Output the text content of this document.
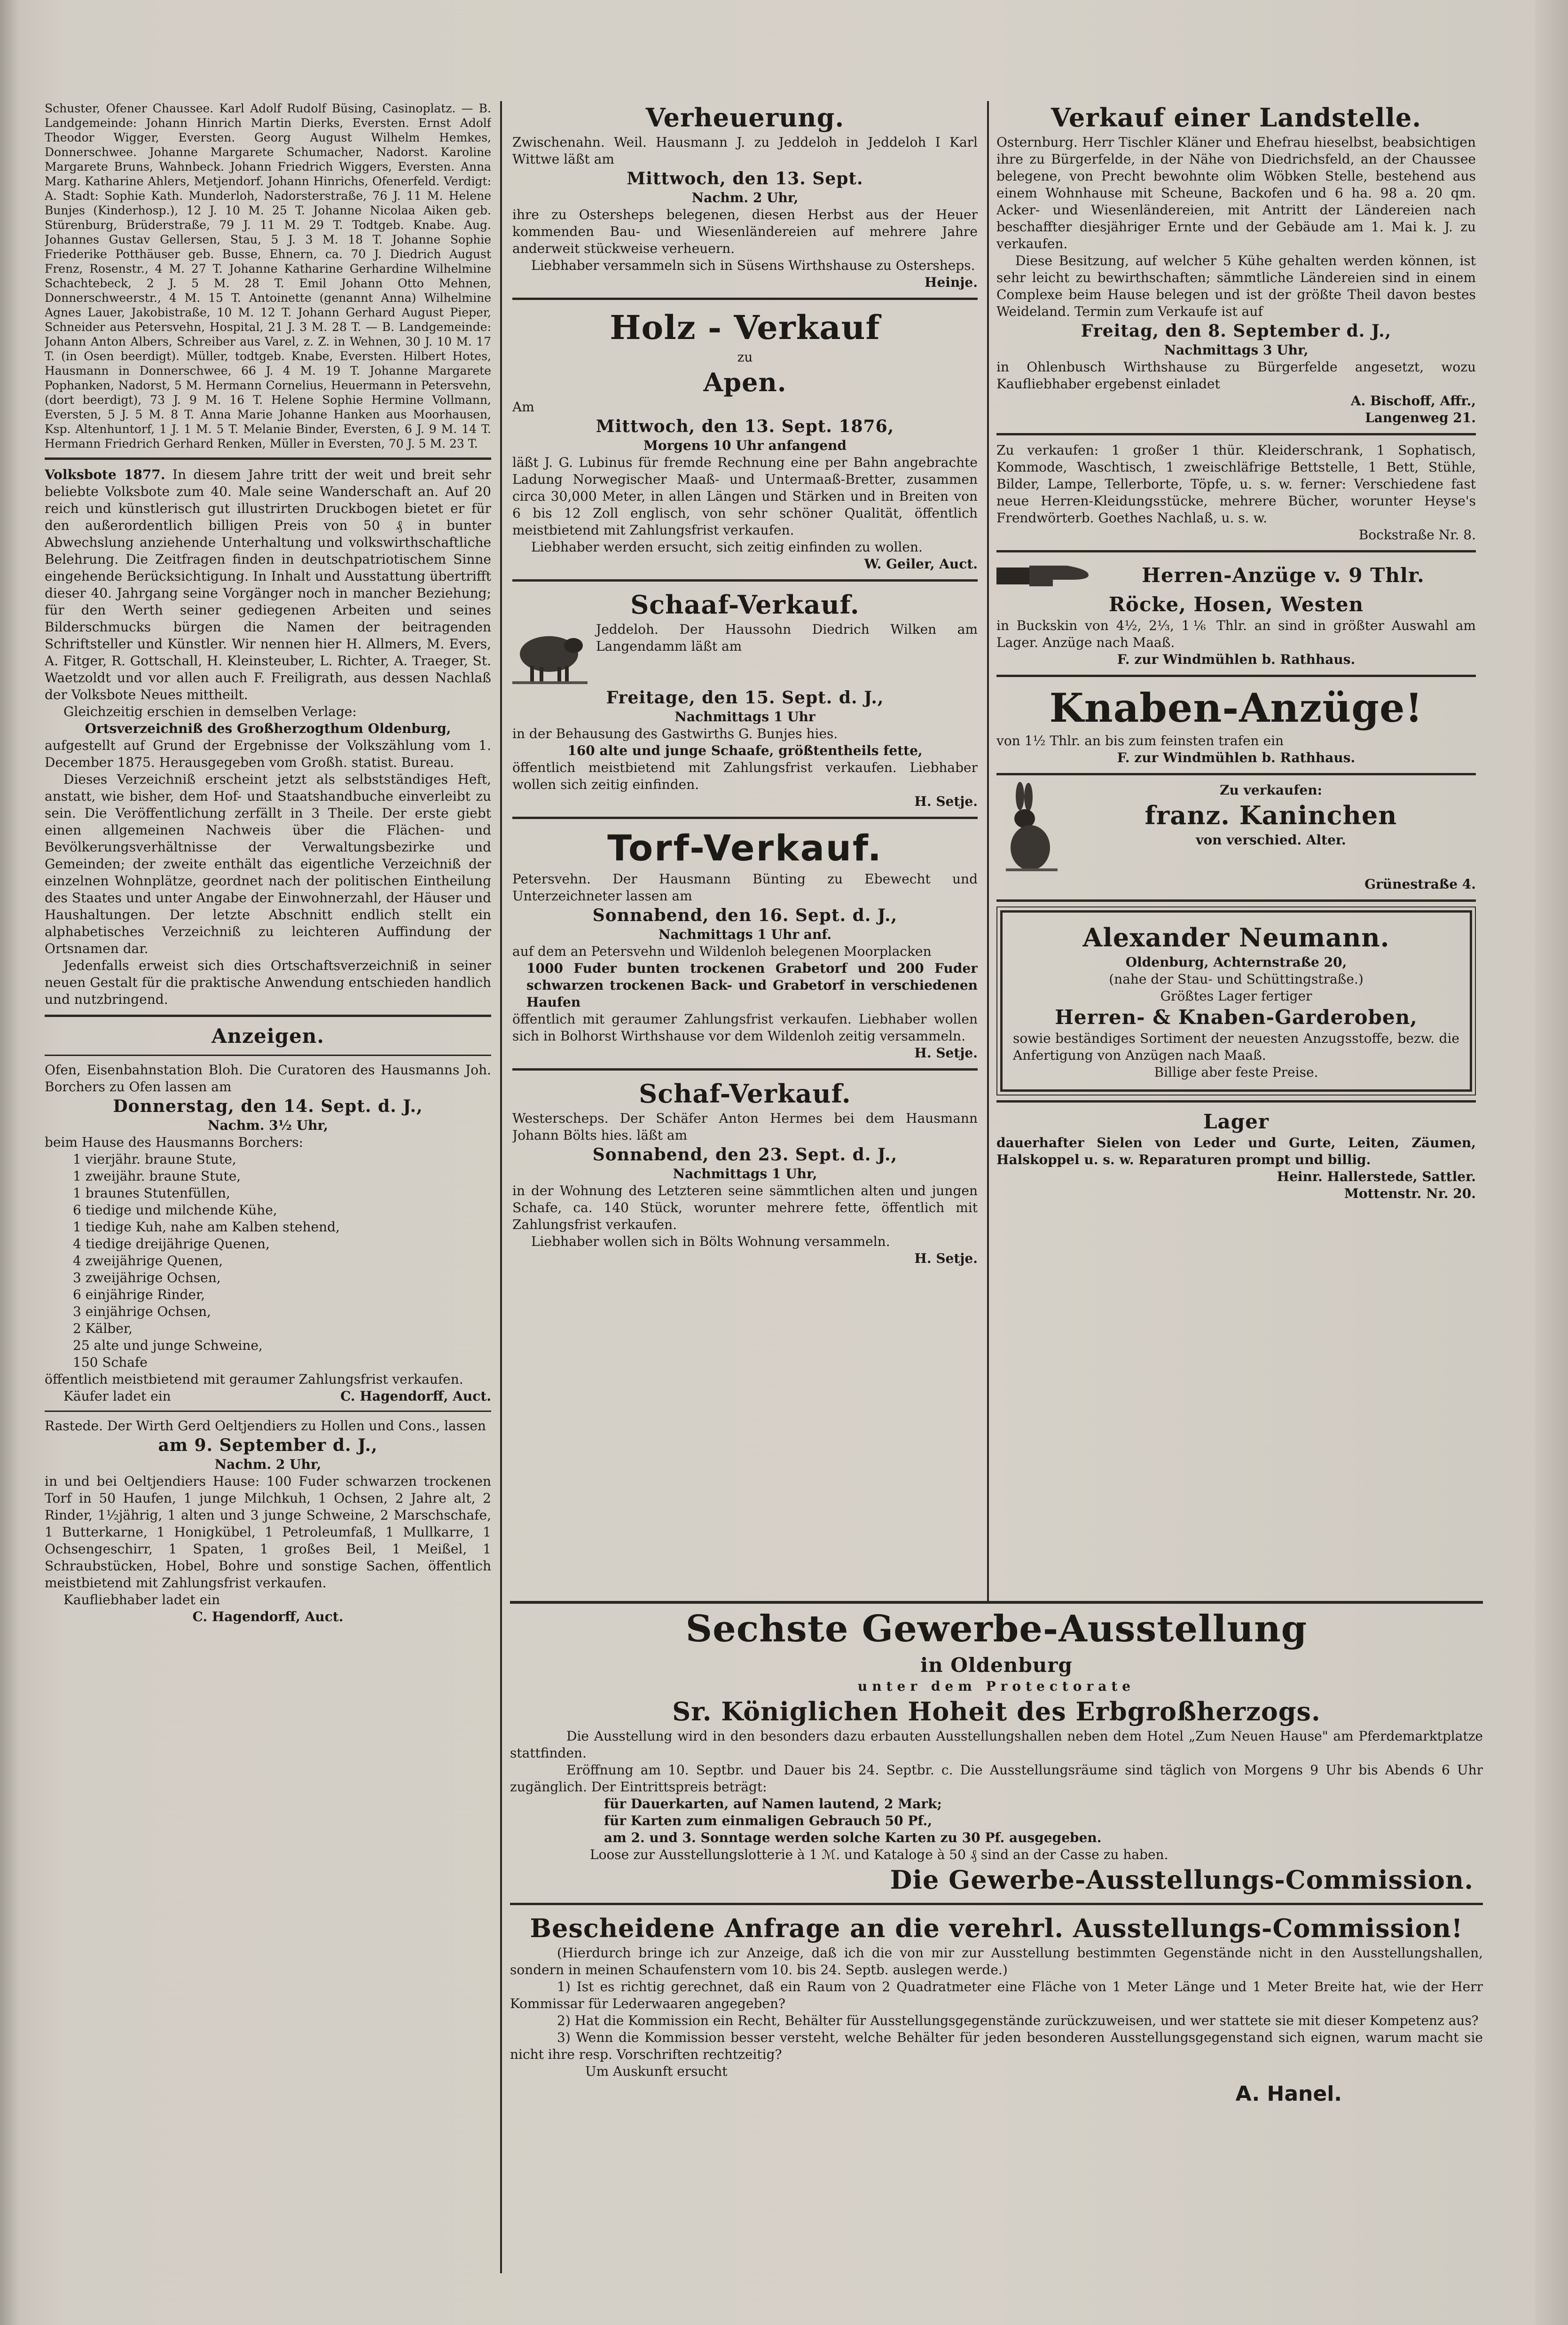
Schuster, Ofener Chaussee. Karl Adolf Rudolf Büsing, Casinoplatz. — B. Landgemeinde: Johann Hinrich Martin Dierks, Eversten. Ernst Adolf Theodor Wigger, Eversten. Georg August Wilhelm Hemkes, Donnerschwee. Johanne Margarete Schumacher, Nadorst. Karoline Margarete Bruns, Wahnbeck. Johann Friedrich Wiggers, Eversten. Anna Marg. Katharine Ahlers, Metjendorf. Johann Hinrichs, Ofenerfeld. Verdigt: A. Stadt: Sophie Kath. Munderloh, Nadorsterstraße, 76 J. 11 M. Helene Bunjes (Kinderhosp.), 12 J. 10 M. 25 T. Johanne Nicolaa Aiken geb. Stürenburg, Brüderstraße, 79 J. 11 M. 29 T. Todtgeb. Knabe. Aug. Johannes Gustav Gellersen, Stau, 5 J. 3 M. 18 T. Johanne Sophie Friederike Potthäuser geb. Busse, Ehnern, ca. 70 J. Diedrich August Frenz, Rosenstr., 4 M. 27 T. Johanne Katharine Gerhardine Wilhelmine Schachtebeck, 2 J. 5 M. 28 T. Emil Johann Otto Mehnen, Donnerschweerstr., 4 M. 15 T. Antoinette (genannt Anna) Wilhelmine Agnes Lauer, Jakobistraße, 10 M. 12 T. Johann Gerhard August Pieper, Schneider aus Petersvehn, Hospital, 21 J. 3 M. 28 T. — B. Landgemeinde: Johann Anton Albers, Schreiber aus Varel, z. Z. in Wehnen, 30 J. 10 M. 17 T. (in Osen beerdigt). Müller, todtgeb. Knabe, Eversten. Hilbert Hotes, Hausmann in Donnerschwee, 66 J. 4 M. 19 T. Johanne Margarete Pophanken, Nadorst, 5 M. Hermann Cornelius, Heuermann in Petersvehn, (dort beerdigt), 73 J. 9 M. 16 T. Helene Sophie Hermine Vollmann, Eversten, 5 J. 5 M. 8 T. Anna Marie Johanne Hanken aus Moorhausen, Ksp. Altenhuntorf, 1 J. 1 M. 5 T. Melanie Binder, Eversten, 6 J. 9 M. 14 T. Hermann Friedrich Gerhard Renken, Müller in Eversten, 70 J. 5 M. 23 T.

Volksbote 1877. In diesem Jahre tritt der weit und breit sehr beliebte Volksbote zum 40. Male seine Wanderschaft an. Auf 20 reich und künstlerisch gut illustrirten Druckbogen bietet er für den außerordentlich billigen Preis von 50 ₰ in bunter Abwechslung anziehende Unterhaltung und volkswirthschaftliche Belehrung. Die Zeitfragen finden in deutschpatriotischem Sinne eingehende Berücksichtigung. In Inhalt und Ausstattung übertrifft dieser 40. Jahrgang seine Vorgänger noch in mancher Beziehung; für den Werth seiner gediegenen Arbeiten und seines Bilderschmucks bürgen die Namen der beitragenden Schriftsteller und Künstler. Wir nennen hier H. Allmers, M. Evers, A. Fitger, R. Gottschall, H. Kleinsteuber, L. Richter, A. Traeger, St. Waetzoldt und vor allen auch F. Freiligrath, aus dessen Nachlaß der Volksbote Neues mittheilt.

Gleichzeitig erschien in demselben Verlage:

Ortsverzeichniß des Großherzogthum Oldenburg,

aufgestellt auf Grund der Ergebnisse der Volkszählung vom 1. December 1875. Herausgegeben vom Großh. statist. Bureau.

Dieses Verzeichniß erscheint jetzt als selbstständiges Heft, anstatt, wie bisher, dem Hof- und Staatshandbuche einverleibt zu sein. Die Veröffentlichung zerfällt in 3 Theile. Der erste giebt einen allgemeinen Nachweis über die Flächen- und Bevölkerungsverhältnisse der Verwaltungsbezirke und Gemeinden; der zweite enthält das eigentliche Verzeichniß der einzelnen Wohnplätze, geordnet nach der politischen Eintheilung des Staates und unter Angabe der Einwohnerzahl, der Häuser und Haushaltungen. Der letzte Abschnitt endlich stellt ein alphabetisches Verzeichniß zu leichteren Auffindung der Ortsnamen dar.

Jedenfalls erweist sich dies Ortschaftsverzeichniß in seiner neuen Gestalt für die praktische Anwendung entschieden handlich und nutzbringend.

Anzeigen.

Ofen, Eisenbahnstation Bloh. Die Curatoren des Hausmanns Joh. Borchers zu Ofen lassen am

Donnerstag, den 14. Sept. d. J.,

Nachm. 3½ Uhr,

beim Hause des Hausmanns Borchers:

1 vierjähr. braune Stute,

1 zweijähr. braune Stute,

1 braunes Stutenfüllen,

6 tiedige und milchende Kühe,

1 tiedige Kuh, nahe am Kalben stehend,

4 tiedige dreijährige Quenen,

4 zweijährige Quenen,

3 zweijährige Ochsen,

6 einjährige Rinder,

3 einjährige Ochsen,

2 Kälber,

25 alte und junge Schweine,

150 Schafe

öffentlich meistbietend mit geraumer Zahlungsfrist verkaufen.

Käufer ladet ein	C. Hagendorff, Auct.

Rastede. Der Wirth Gerd Oeltjendiers zu Hollen und Cons., lassen

am 9. September d. J.,

Nachm. 2 Uhr,

in und bei Oeltjendiers Hause: 100 Fuder schwarzen trockenen Torf in 50 Haufen, 1 junge Milchkuh, 1 Ochsen, 2 Jahre alt, 2 Rinder, 1½jährig, 1 alten und 3 junge Schweine, 2 Marschschafe, 1 Butterkarne, 1 Honigkübel, 1 Petroleumfaß, 1 Mullkarre, 1 Ochsengeschirr, 1 Spaten, 1 großes Beil, 1 Meißel, 1 Schraubstücken, Hobel, Bohre und sonstige Sachen, öffentlich meistbietend mit Zahlungsfrist verkaufen.

Kaufliebhaber ladet ein

C. Hagendorff, Auct.

Verheuerung.

Zwischenahn. Weil. Hausmann J. zu Jeddeloh in Jeddeloh I Karl Wittwe läßt am

Mittwoch, den 13. Sept.

Nachm. 2 Uhr,

ihre zu Ostersheps belegenen, diesen Herbst aus der Heuer kommenden Bau- und Wiesenländereien auf mehrere Jahre anderweit stückweise verheuern.

Liebhaber versammeln sich in Süsens Wirthshause zu Ostersheps.

Heinje.

Holz - Verkauf

zu

Apen.

Am

Mittwoch, den 13. Sept. 1876,

Morgens 10 Uhr anfangend

läßt J. G. Lubinus für fremde Rechnung eine per Bahn angebrachte Ladung Norwegischer Maaß- und Untermaaß-Bretter, zusammen circa 30,000 Meter, in allen Längen und Stärken und in Breiten von 6 bis 12 Zoll englisch, von sehr schöner Qualität, öffentlich meistbietend mit Zahlungsfrist verkaufen.

Liebhaber werden ersucht, sich zeitig einfinden zu wollen.

W. Geiler, Auct.

Schaaf-Verkauf.

Jeddeloh. Der Haussohn Diedrich Wilken am Langendamm läßt am

Freitage, den 15. Sept. d. J.,

Nachmittags 1 Uhr

in der Behausung des Gastwirths G. Bunjes hies.

160 alte und junge Schaafe, größtentheils fette,

öffentlich meistbietend mit Zahlungsfrist verkaufen. Liebhaber wollen sich zeitig einfinden.

H. Setje.

Torf-Verkauf.

Petersvehn. Der Hausmann Bünting zu Ebewecht und Unterzeichneter lassen am

Sonnabend, den 16. Sept. d. J.,

Nachmittags 1 Uhr anf.

auf dem an Petersvehn und Wildenloh belegenen Moorplacken

1000 Fuder bunten trockenen Grabetorf und 200 Fuder schwarzen trockenen Back- und Grabetorf in verschiedenen Haufen

öffentlich mit geraumer Zahlungsfrist verkaufen. Liebhaber wollen sich in Bolhorst Wirthshause vor dem Wildenloh zeitig versammeln.

H. Setje.

Schaf-Verkauf.

Westerscheps. Der Schäfer Anton Hermes bei dem Hausmann Johann Bölts hies. läßt am

Sonnabend, den 23. Sept. d. J.,

Nachmittags 1 Uhr,

in der Wohnung des Letzteren seine sämmtlichen alten und jungen Schafe, ca. 140 Stück, worunter mehrere fette, öffentlich mit Zahlungsfrist verkaufen.

Liebhaber wollen sich in Bölts Wohnung versammeln.

H. Setje.

Verkauf einer Landstelle.

Osternburg. Herr Tischler Kläner und Ehefrau hieselbst, beabsichtigen ihre zu Bürgerfelde, in der Nähe von Diedrichsfeld, an der Chaussee belegene, von Precht bewohnte olim Wöbken Stelle, bestehend aus einem Wohnhause mit Scheune, Backofen und 6 ha. 98 a. 20 qm. Acker- und Wiesenländereien, mit Antritt der Ländereien nach beschaffter diesjähriger Ernte und der Gebäude am 1. Mai k. J. zu verkaufen.

Diese Besitzung, auf welcher 5 Kühe gehalten werden können, ist sehr leicht zu bewirthschaften; sämmtliche Ländereien sind in einem Complexe beim Hause belegen und ist der größte Theil davon bestes Weideland. Termin zum Verkaufe ist auf

Freitag, den 8. September d. J.,

Nachmittags 3 Uhr,

in Ohlenbusch Wirthshause zu Bürgerfelde angesetzt, wozu Kaufliebhaber ergebenst einladet

A. Bischoff, Affr.,

Langenweg 21.

Zu verkaufen: 1 großer 1 thür. Kleiderschrank, 1 Sophatisch, Kommode, Waschtisch, 1 zweischläfrige Bettstelle, 1 Bett, Stühle, Bilder, Lampe, Tellerborte, Töpfe, u. s. w. ferner: Verschiedene fast neue Herren-Kleidungsstücke, mehrere Bücher, worunter Heyse's Frendwörterb. Goethes Nachlaß, u. s. w.

Bockstraße Nr. 8.

Herren-Anzüge v. 9 Thlr.

Röcke, Hosen, Westen

in Buckskin von 4½, 2⅓, 1⅙ Thlr. an sind in größter Auswahl am Lager. Anzüge nach Maaß.

F. zur Windmühlen b. Rathhaus.

Knaben-Anzüge!

von 1½ Thlr. an bis zum feinsten trafen ein

F. zur Windmühlen b. Rathhaus.

Zu verkaufen:

franz. Kaninchen

von verschied. Alter.

Grünestraße 4.

Alexander Neumann.

Oldenburg, Achternstraße 20,

(nahe der Stau- und Schüttingstraße.)

Größtes Lager fertiger

Herren- & Knaben-Garderoben,

sowie beständiges Sortiment der neuesten Anzugsstoffe, bezw. die Anfertigung von Anzügen nach Maaß.

Billige aber feste Preise.

Lager

dauerhafter Sielen von Leder und Gurte, Leiten, Zäumen, Halskoppel u. s. w. Reparaturen prompt und billig.

Heinr. Hallerstede, Sattler.

Mottenstr. Nr. 20.

Sechste Gewerbe-Ausstellung

in Oldenburg

unter dem Protectorate

Sr. Königlichen Hoheit des Erbgroßherzogs.

Die Ausstellung wird in den besonders dazu erbauten Ausstellungshallen neben dem Hotel „Zum Neuen Hause" am Pferdemarktplatze stattfinden.

Eröffnung am 10. Septbr. und Dauer bis 24. Septbr. c. Die Ausstellungsräume sind täglich von Morgens 9 Uhr bis Abends 6 Uhr zugänglich. Der Eintrittspreis beträgt:

für Dauerkarten, auf Namen lautend, 2 Mark;

für Karten zum einmaligen Gebrauch 50 Pf.,

am 2. und 3. Sonntage werden solche Karten zu 30 Pf. ausgegeben.

Loose zur Ausstellungslotterie à 1 ℳ. und Kataloge à 50 ₰ sind an der Casse zu haben.

Die Gewerbe-Ausstellungs-Commission.

Bescheidene Anfrage an die verehrl. Ausstellungs-Commission!

(Hierdurch bringe ich zur Anzeige, daß ich die von mir zur Ausstellung bestimmten Gegenstände nicht in den Ausstellungshallen, sondern in meinen Schaufenstern vom 10. bis 24. Septb. auslegen werde.)

1) Ist es richtig gerechnet, daß ein Raum von 2 Quadratmeter eine Fläche von 1 Meter Länge und 1 Meter Breite hat, wie der Herr Kommissar für Lederwaaren angegeben?

2) Hat die Kommission ein Recht, Behälter für Ausstellungsgegenstände zurückzuweisen, und wer stattete sie mit dieser Kompetenz aus?

3) Wenn die Kommission besser versteht, welche Behälter für jeden besonderen Ausstellungsgegenstand sich eignen, warum macht sie nicht ihre resp. Vorschriften rechtzeitig?

Um Auskunft ersucht

A. Hanel.
